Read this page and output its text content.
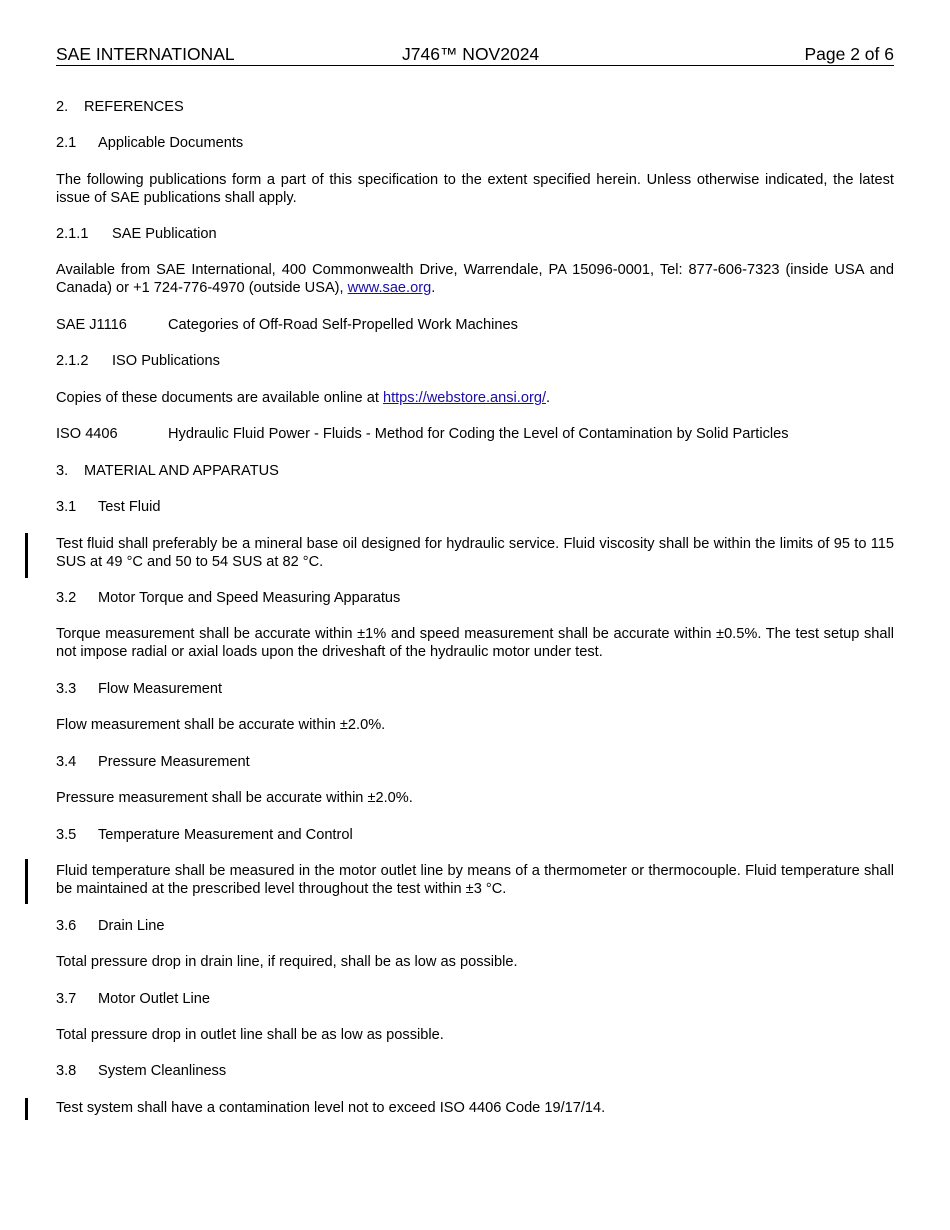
SAE INTERNATIONAL	J746™ NOV2024	Page 2 of 6
2. REFERENCES
2.1 Applicable Documents
The following publications form a part of this specification to the extent specified herein. Unless otherwise indicated, the latest issue of SAE publications shall apply.
2.1.1 SAE Publication
Available from SAE International, 400 Commonwealth Drive, Warrendale, PA 15096-0001, Tel: 877-606-7323 (inside USA and Canada) or +1 724-776-4970 (outside USA), www.sae.org.
SAE J1116	Categories of Off-Road Self-Propelled Work Machines
2.1.2 ISO Publications
Copies of these documents are available online at https://webstore.ansi.org/.
ISO 4406	Hydraulic Fluid Power - Fluids - Method for Coding the Level of Contamination by Solid Particles
3. MATERIAL AND APPARATUS
3.1 Test Fluid
Test fluid shall preferably be a mineral base oil designed for hydraulic service. Fluid viscosity shall be within the limits of 95 to 115 SUS at 49 °C and 50 to 54 SUS at 82 °C.
3.2 Motor Torque and Speed Measuring Apparatus
Torque measurement shall be accurate within ±1% and speed measurement shall be accurate within ±0.5%. The test setup shall not impose radial or axial loads upon the driveshaft of the hydraulic motor under test.
3.3 Flow Measurement
Flow measurement shall be accurate within ±2.0%.
3.4 Pressure Measurement
Pressure measurement shall be accurate within ±2.0%.
3.5 Temperature Measurement and Control
Fluid temperature shall be measured in the motor outlet line by means of a thermometer or thermocouple. Fluid temperature shall be maintained at the prescribed level throughout the test within ±3 °C.
3.6 Drain Line
Total pressure drop in drain line, if required, shall be as low as possible.
3.7 Motor Outlet Line
Total pressure drop in outlet line shall be as low as possible.
3.8 System Cleanliness
Test system shall have a contamination level not to exceed ISO 4406 Code 19/17/14.
